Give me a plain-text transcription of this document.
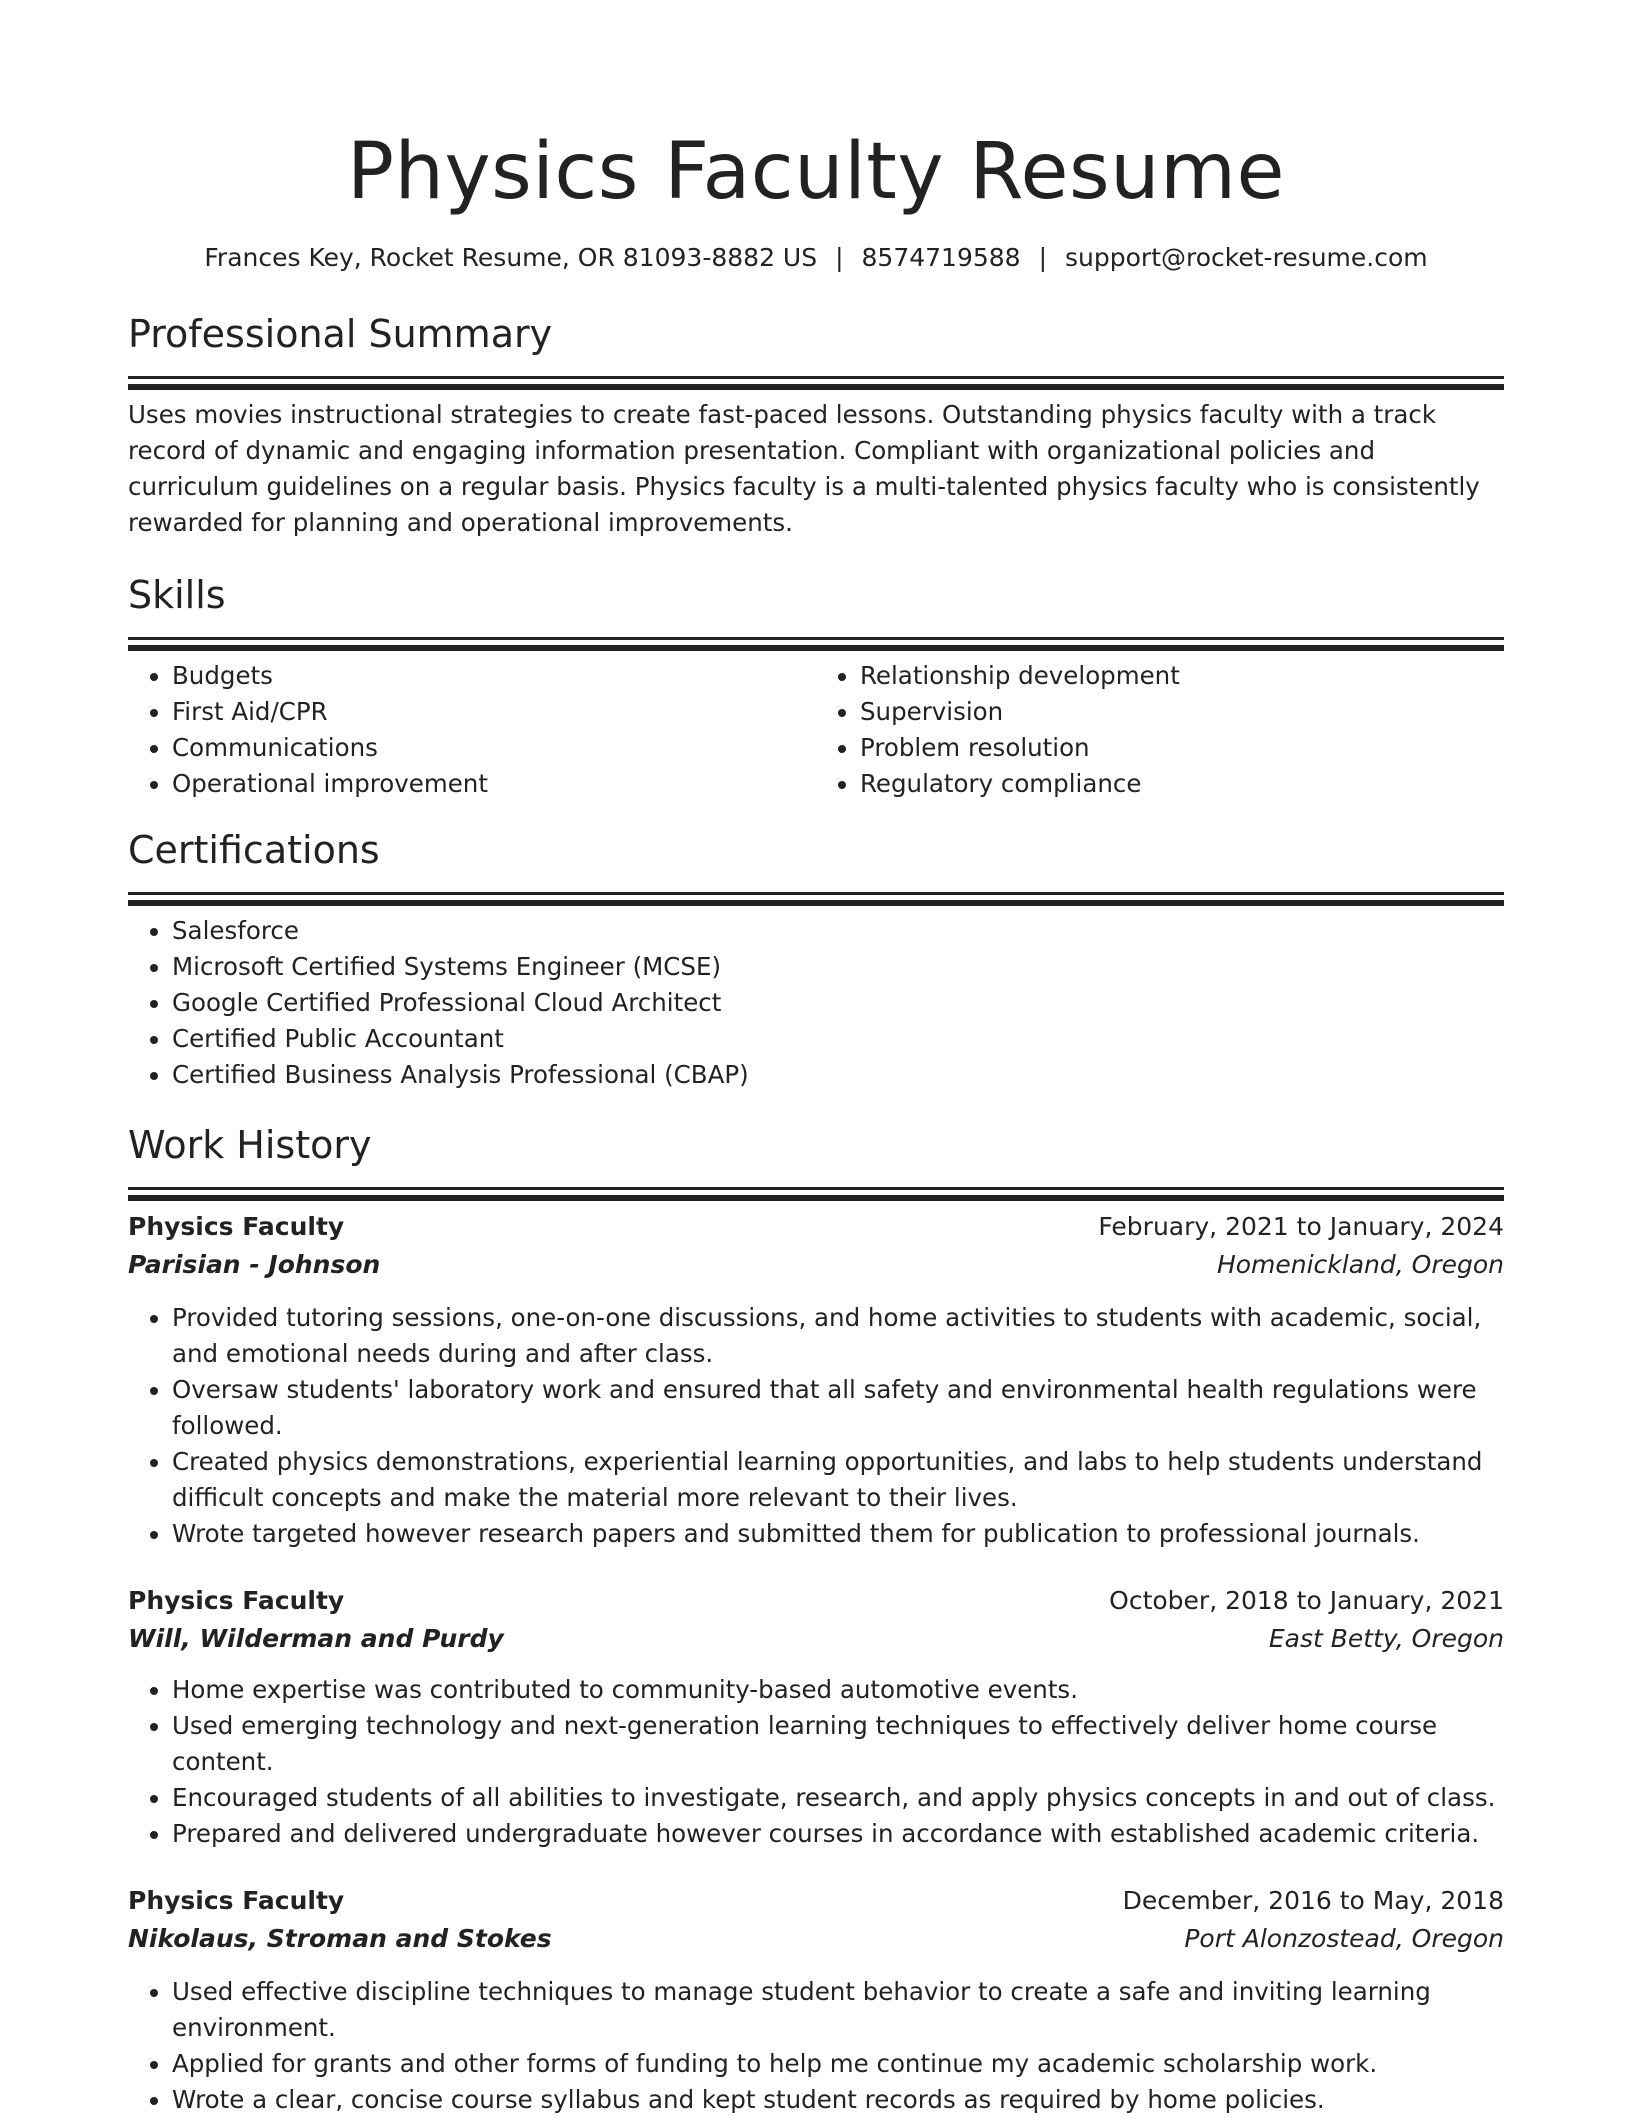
Physics Faculty Resume
Frances Key, Rocket Resume, OR 81093-8882 US | 8574719588 | support@rocket-resume.com
Professional Summary

Uses movies instructional strategies to create fast-paced lessons. Outstanding physics faculty with a track record of dynamic and engaging information presentation. Compliant with organizational policies and curriculum guidelines on a regular basis. Physics faculty is a multi-talented physics faculty who is consistently rewarded for planning and operational improvements.

Skills
• Budgets
• First Aid/CPR
• Communications
• Operational improvement
• Relationship development
• Supervision
• Problem resolution
• Regulatory compliance
Certifications
• Salesforce
• Microsoft Certified Systems Engineer (MCSE)
• Google Certified Professional Cloud Architect
• Certified Public Accountant
• Certified Business Analysis Professional (CBAP)
Work History
Physics Faculty	February, 2021 to January, 2024
Parisian - Johnson	Homenickland, Oregon
• Provided tutoring sessions, one-on-one discussions, and home activities to students with academic, social, and emotional needs during and after class.
• Oversaw students' laboratory work and ensured that all safety and environmental health regulations were followed.
• Created physics demonstrations, experiential learning opportunities, and labs to help students understand difficult concepts and make the material more relevant to their lives.
• Wrote targeted however research papers and submitted them for publication to professional journals.
Physics Faculty	October, 2018 to January, 2021
Will, Wilderman and Purdy	East Betty, Oregon
• Home expertise was contributed to community-based automotive events.
• Used emerging technology and next-generation learning techniques to effectively deliver home course content.
• Encouraged students of all abilities to investigate, research, and apply physics concepts in and out of class.
• Prepared and delivered undergraduate however courses in accordance with established academic criteria.
Physics Faculty	December, 2016 to May, 2018
Nikolaus, Stroman and Stokes	Port Alonzostead, Oregon
• Used effective discipline techniques to manage student behavior to create a safe and inviting learning environment.
• Applied for grants and other forms of funding to help me continue my academic scholarship work.
• Wrote a clear, concise course syllabus and kept student records as required by home policies.
